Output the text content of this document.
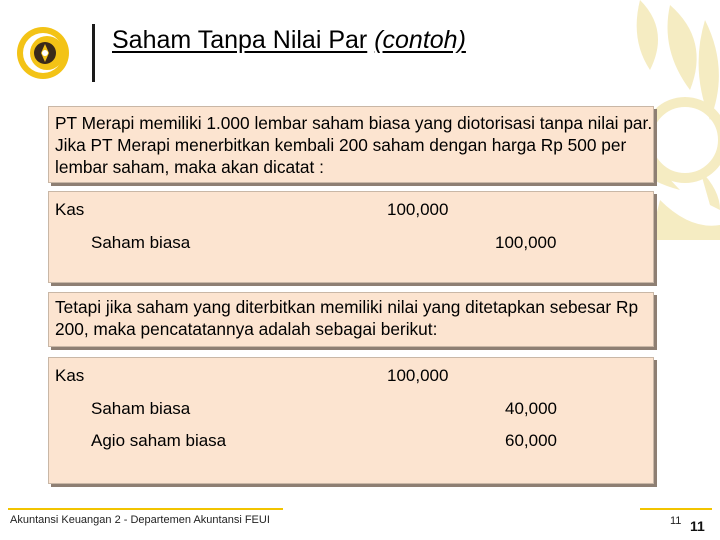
Saham Tanpa Nilai Par (contoh)
PT Merapi memiliki 1.000 lembar saham biasa yang diotorisasi tanpa nilai par. Jika PT Merapi menerbitkan kembali 200 saham dengan harga Rp 500 per lembar saham, maka akan dicatat :
Kas	100,000
Saham biasa	100,000
Tetapi jika saham yang diterbitkan memiliki nilai yang ditetapkan sebesar Rp 200, maka pencatatannya adalah sebagai berikut:
Kas	100,000
Saham biasa	40,000
Agio saham biasa	60,000
Akuntansi Keuangan 2 - Departemen Akuntansi FEUI	11 11
